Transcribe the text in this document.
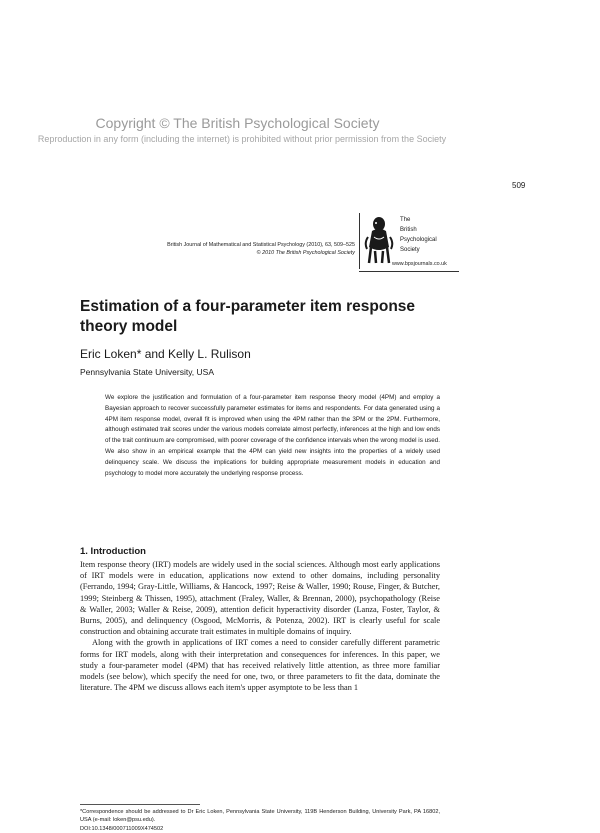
Copyright © The British Psychological Society
Reproduction in any form (including the internet) is prohibited without prior permission from the Society
509
British Journal of Mathematical and Statistical Psychology (2010), 63, 509–525
© 2010 The British Psychological Society
The
British
Psychological
Society
www.bpsjournals.co.uk
Estimation of a four-parameter item response theory model
Eric Loken* and Kelly L. Rulison
Pennsylvania State University, USA
We explore the justification and formulation of a four-parameter item response theory model (4PM) and employ a Bayesian approach to recover successfully parameter estimates for items and respondents. For data generated using a 4PM item response model, overall fit is improved when using the 4PM rather than the 3PM or the 2PM. Furthermore, although estimated trait scores under the various models correlate almost perfectly, inferences at the high and low ends of the trait continuum are compromised, with poorer coverage of the confidence intervals when the wrong model is used. We also show in an empirical example that the 4PM can yield new insights into the properties of a widely used delinquency scale. We discuss the implications for building appropriate measurement models in education and psychology to model more accurately the underlying response process.
1. Introduction

Item response theory (IRT) models are widely used in the social sciences. Although most early applications of IRT models were in education, applications now extend to other domains, including personality (Ferrando, 1994; Gray-Little, Williams, & Hancock, 1997; Reise & Waller, 1990; Rouse, Finger, & Butcher, 1999; Steinberg & Thissen, 1995), attachment (Fraley, Waller, & Brennan, 2000), psychopathology (Reise & Waller, 2003; Waller & Reise, 2009), attention deficit hyperactivity disorder (Lanza, Foster, Taylor, & Burns, 2005), and delinquency (Osgood, McMorris, & Potenza, 2002). IRT is clearly useful for scale construction and obtaining accurate trait estimates in multiple domains of inquiry.

Along with the growth in applications of IRT comes a need to consider carefully different parametric forms for IRT models, along with their interpretation and consequences for inferences. In this paper, we study a four-parameter model (4PM) that has received relatively little attention, as three more familiar models (see below), which specify the need for one, two, or three parameters to fit the data, dominate the literature. The 4PM we discuss allows each item's upper asymptote to be less than 1

*Correspondence should be addressed to Dr Eric Loken, Pennsylvania State University, 119B Henderson Building, University Park, PA 16802, USA (e-mail: loken@psu.edu).
DOI:10.1348/000711009X474502
